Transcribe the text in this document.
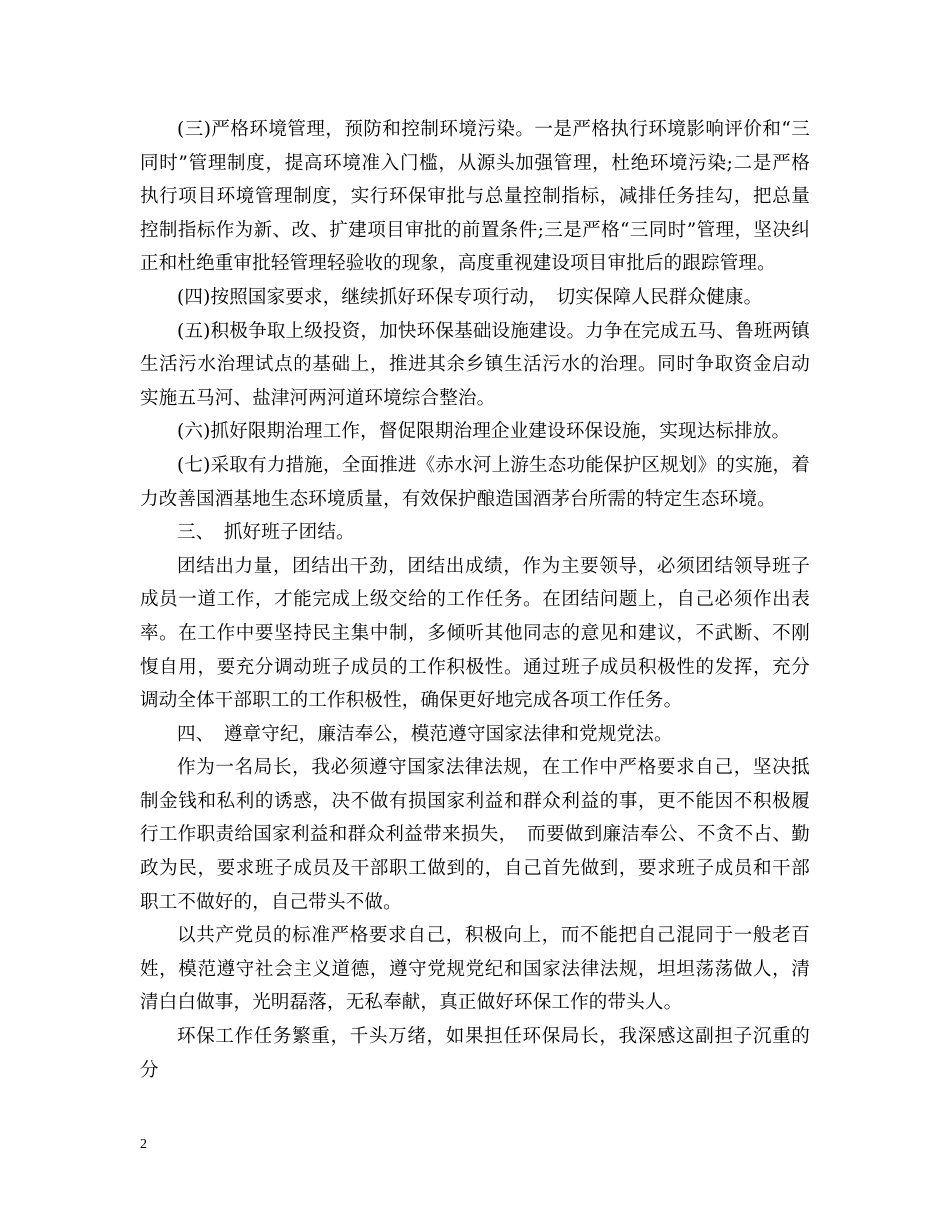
(三)严格环境管理，预防和控制环境污染。一是严格执行环境影响评价和“三同时”管理制度，提高环境准入门槛，从源头加强管理，杜绝环境污染;二是严格执行项目环境管理制度，实行环保审批与总量控制指标，减排任务挂勾，把总量控制指标作为新、改、扩建项目审批的前置条件;三是严格“三同时”管理，坚决纠正和杜绝重审批轻管理轻验收的现象，高度重视建设项目审批后的跟踪管理。

(四)按照国家要求，继续抓好环保专项行动，　切实保障人民群众健康。

(五)积极争取上级投资，加快环保基础设施建设。力争在完成五马、鲁班两镇生活污水治理试点的基础上，推进其余乡镇生活污水的治理。同时争取资金启动实施五马河、盐津河两河道环境综合整治。

(六)抓好限期治理工作，督促限期治理企业建设环保设施，实现达标排放。

(七)采取有力措施，全面推进《赤水河上游生态功能保护区规划》的实施，着力改善国酒基地生态环境质量，有效保护酿造国酒茅台所需的特定生态环境。

三、　抓好班子团结。

团结出力量，团结出干劲，团结出成绩，作为主要领导，必须团结领导班子成员一道工作，才能完成上级交给的工作任务。在团结问题上，自己必须作出表率。在工作中要坚持民主集中制，多倾听其他同志的意见和建议，不武断、不刚愎自用，要充分调动班子成员的工作积极性。通过班子成员积极性的发挥，充分调动全体干部职工的工作积极性，确保更好地完成各项工作任务。

四、　遵章守纪，廉洁奉公，模范遵守国家法律和党规党法。

作为一名局长，我必须遵守国家法律法规，在工作中严格要求自己，坚决抵制金钱和私利的诱惑，决不做有损国家利益和群众利益的事，更不能因不积极履行工作职责给国家利益和群众利益带来损失，　而要做到廉洁奉公、不贪不占、勤政为民，要求班子成员及干部职工做到的，自己首先做到，要求班子成员和干部职工不做好的，自己带头不做。

以共产党员的标准严格要求自己，积极向上，而不能把自己混同于一般老百姓，模范遵守社会主义道德，遵守党规党纪和国家法律法规，坦坦荡荡做人，清清白白做事，光明磊落，无私奉献，真正做好环保工作的带头人。

环保工作任务繁重，千头万绪，如果担任环保局长，我深感这副担子沉重的分

2
